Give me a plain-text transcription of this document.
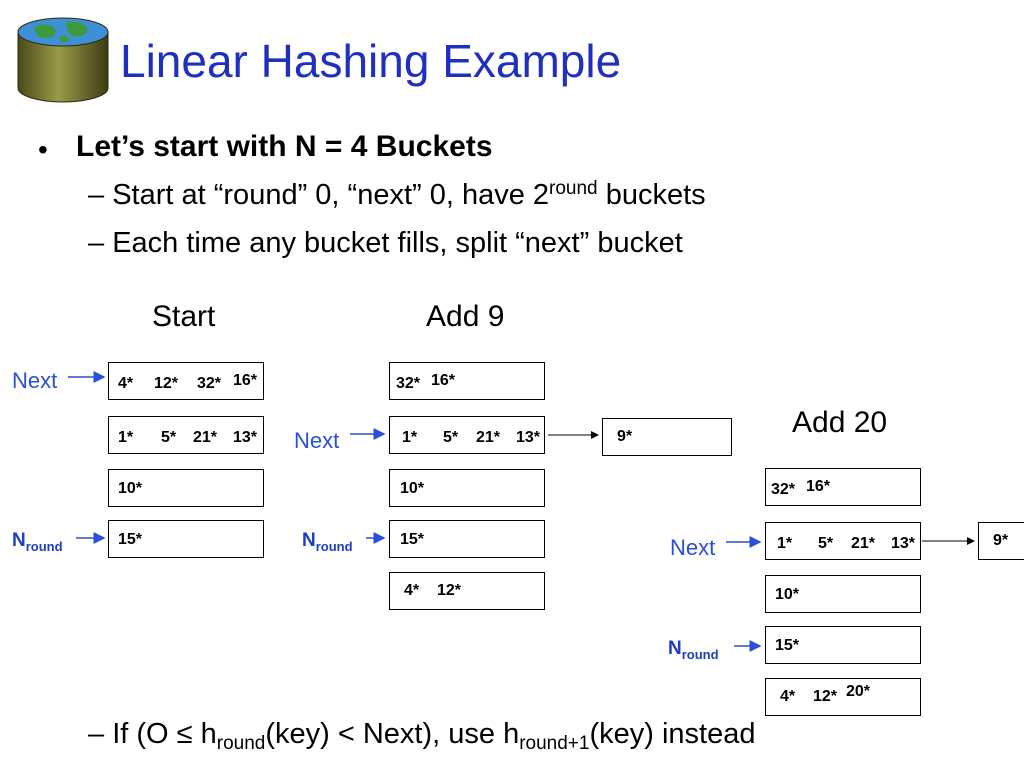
Linear Hashing Example
• Let’s start with N = 4 Buckets
– Start at “round” 0, “next” 0, have $2^{round}$ buckets
– Each time any bucket fills, split “next” bucket
– If ($O \le h_{round}(key)$ < Next), use $h_{round+1}(key)$ instead
Start	Add 9
Add 20
Next
$N_{round}$
Next
$N_{round}$	Next
$N_{round}$
4* 12* 32* 16*
1* 5* 21* 13*
10*
15*
32* 16*
1* 5* 21* 13*	9*
10*
15*
4* 12*
32* 16*
1* 5* 21* 13*	9*
10*
15*
4* 12* 20*
